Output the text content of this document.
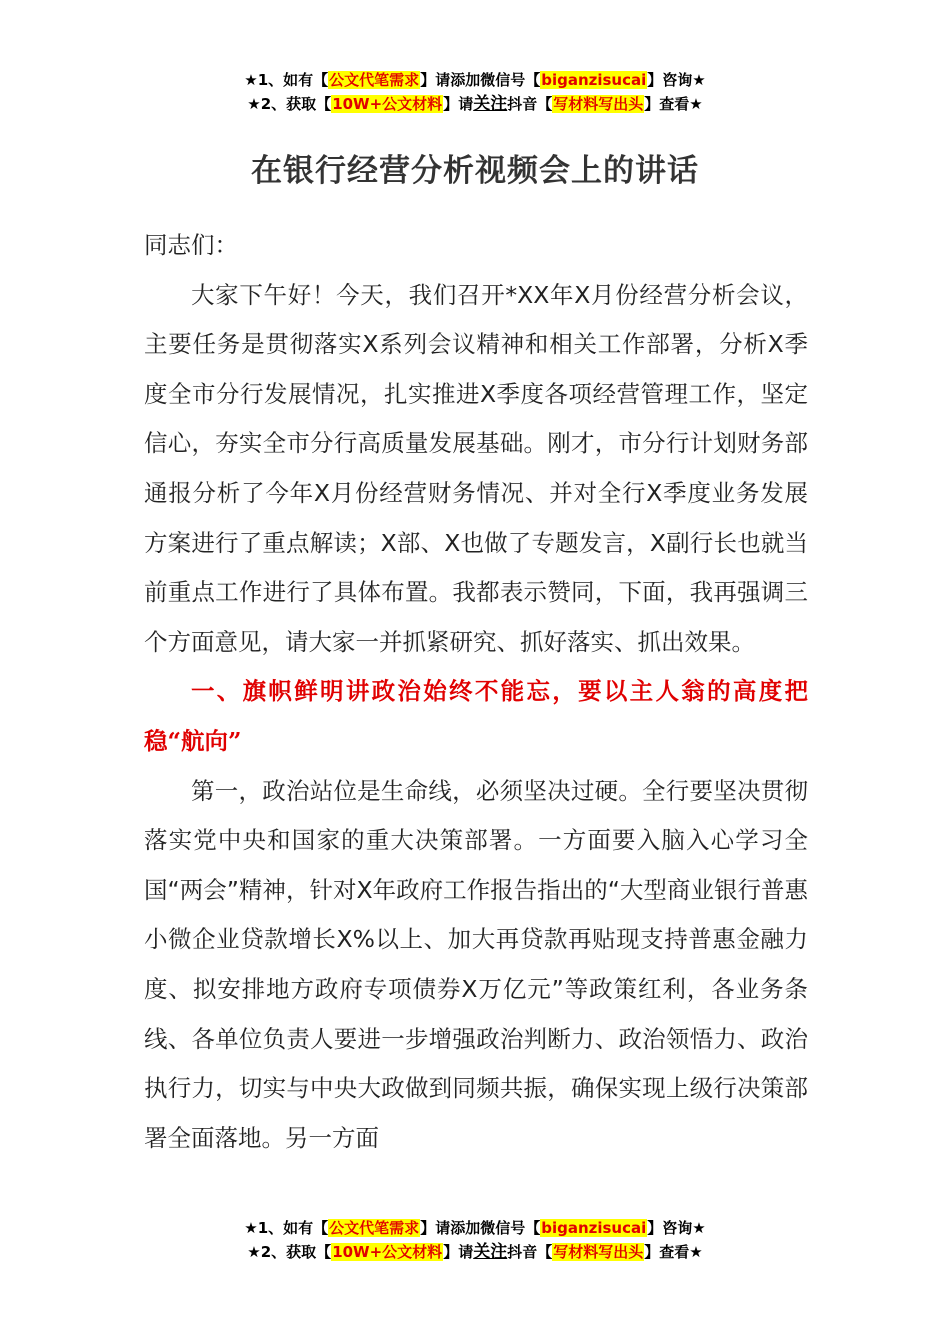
★1、如有【公文代笔需求】请添加微信号【biganzisucai】咨询★
★2、获取【10W+公文材料】请关注抖音【写材料写出头】查看★
在银行经营分析视频会上的讲话

同志们：

大家下午好！今天，我们召开*XX年X月份经营分析会议，主要任务是贯彻落实X系列会议精神和相关工作部署，分析X季度全市分行发展情况，扎实推进X季度各项经营管理工作，坚定信心，夯实全市分行高质量发展基础。刚才，市分行计划财务部通报分析了今年X月份经营财务情况、并对全行X季度业务发展方案进行了重点解读；X部、X也做了专题发言，X副行长也就当前重点工作进行了具体布置。我都表示赞同，下面，我再强调三个方面意见，请大家一并抓紧研究、抓好落实、抓出效果。

一、旗帜鲜明讲政治始终不能忘，要以主人翁的高度把稳“航向”

第一，政治站位是生命线，必须坚决过硬。全行要坚决贯彻落实党中央和国家的重大决策部署。一方面要入脑入心学习全国“两会”精神，针对X年政府工作报告指出的“大型商业银行普惠小微企业贷款增长X%以上、加大再贷款再贴现支持普惠金融力度、拟安排地方政府专项债券X万亿元”等政策红利，各业务条线、各单位负责人要进一步增强政治判断力、政治领悟力、政治执行力，切实与中央大政做到同频共振，确保实现上级行决策部署全面落地。另一方面

★1、如有【公文代笔需求】请添加微信号【biganzisucai】咨询★
★2、获取【10W+公文材料】请关注抖音【写材料写出头】查看★
